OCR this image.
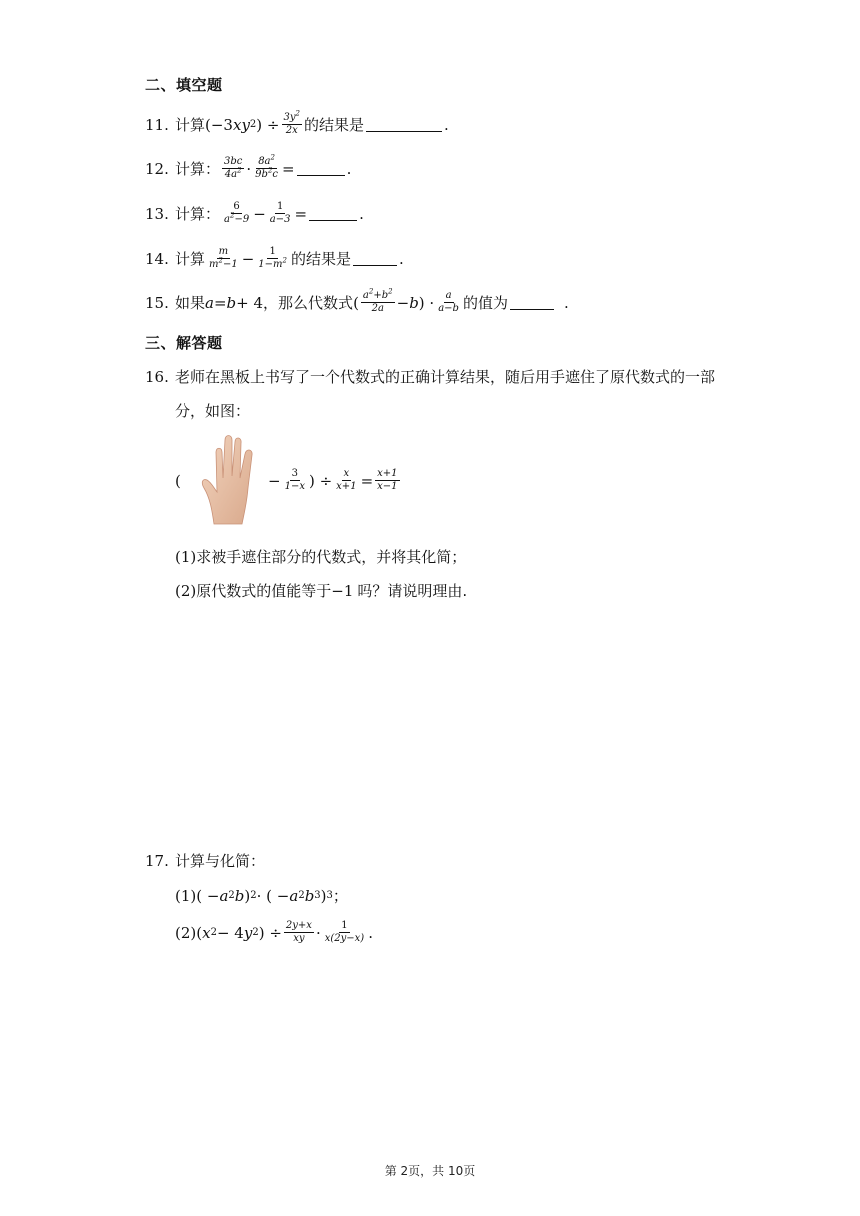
二、填空题
11. 计算 (−3 xy 2 ) ÷ $\frac{3y^2}{2x}$ 的结果是	.
12. 计算： $\frac{3bc}{4a^2} \cdot \frac{8a^2}{9b^2c}$ =	.
13. 计算： $\frac{6}{a^2-9} - \frac{1}{a-3}$ =	.
14. 计算 $\frac{m}{m^2-1} - \frac{1}{1-m^2}$ 的结果是	.
15. 如果 a = b + 4 ，那么代数式 ( $\frac{a^2+b^2}{2a} - b$ ) · $\frac{a}{a-b}$ 的值为	.
三、解答题
16. 老师在黑板上书写了一个代数式的正确计算结果，随后用手遮住了原代数式的一部
分，如图：
(	− $\frac{3}{1-x}$ ) ÷ $\frac{x}{x+1} = \frac{x+1}{x-1}$
(1) 求被手遮住部分的代数式，并将其化简；
(2) 原代数式的值能等于 −1 吗？请说明理由.
17. 计算与化简：
(1) ( − a 2 b ) 2 · ( − a 2 b 3 ) 3 ；
(2) ( x 2 − 4 y 2 ) ÷ $\frac{2y+x}{xy} \cdot \frac{1}{x(2y-x)}$ .
第 2页，共 10页
